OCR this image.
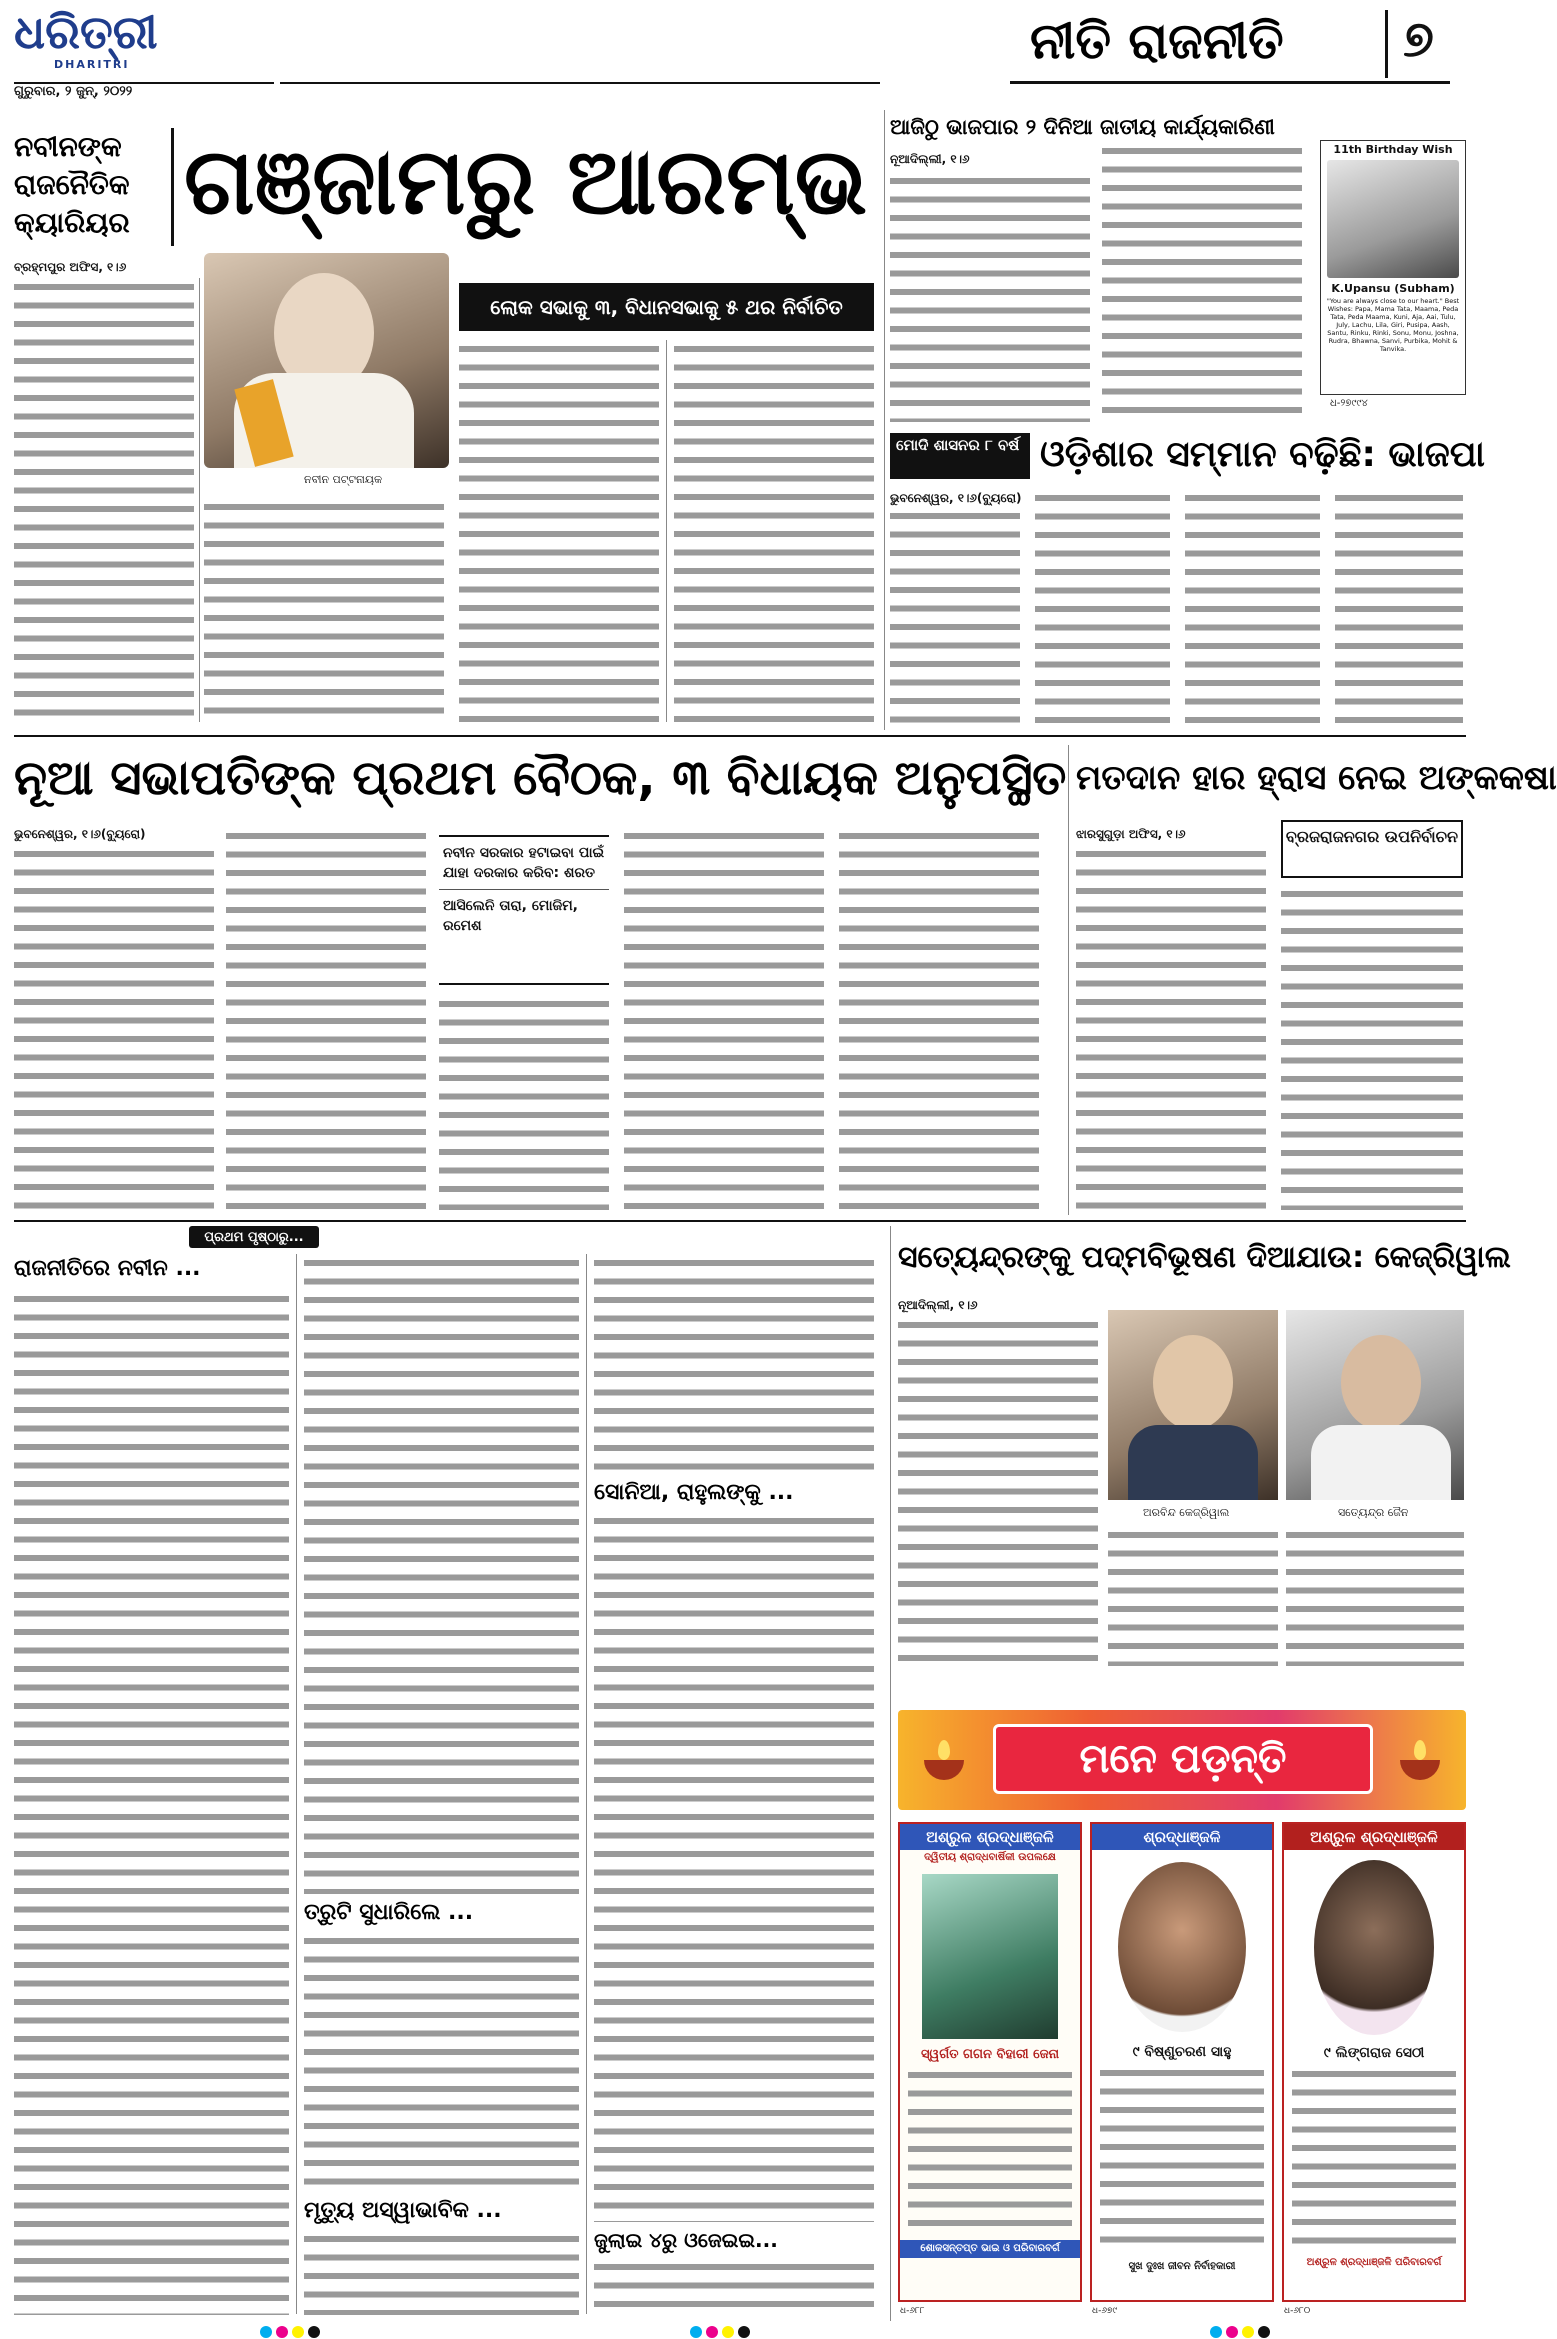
ଧରିତ୍ରୀ
DHARITRI
ଗୁରୁବାର, ୨ ଜୁନ୍, ୨୦୨୨
ନୀତି ରାଜନୀତି	୭
ନବୀନଙ୍କ
ରାଜନୈତିକ
କ୍ୟାରିୟର ଗଞ୍ଜାମରୁ ଆରମ୍ଭ
ବ୍ରହ୍ମପୁର ଅଫିସ, ୧।୬
ନବୀନ ପଟ୍ଟନାୟକ
ଲୋକ ସଭାକୁ ୩, ବିଧାନସଭାକୁ ୫ ଥର ନିର୍ବାଚିତ
ଆଜିଠୁ ଭାଜପାର ୨ ଦିନିଆ ଜାତୀୟ କାର୍ଯ୍ୟକାରିଣୀ
ନୂଆଦିଲ୍ଲୀ, ୧।୬
11th Birthday Wish
K.Upansu (Subham)
"You are always close to our heart." Best Wishes: Papa, Mama Tata, Maama, Peda Tata, Peda Maama, Kuni, Aja, Aai, Tulu, July, Lachu, Lila, Giri, Pusipa, Aash, Santu, Rinku, Rinki, Sonu, Monu, Joshna, Rudra, Bhawna, Sanvi, Purbika, Mohit & Tanvika.
ଧ-୨୭୯୯୪
ମୋଦି ଶାସନର ୮ ବର୍ଷ ଓଡ଼ିଶାର ସମ୍ମାନ ବଢ଼ିଛି: ଭାଜପା
ଭୁବନେଶ୍ୱର, ୧।୬(ବ୍ୟୁରୋ)
ନୂଆ ସଭାପତିଙ୍କ ପ୍ରଥମ ବୈଠକ, ୩ ବିଧାୟକ ଅନୁପସ୍ଥିତ
ଭୁବନେଶ୍ୱର, ୧।୬(ବ୍ୟୁରୋ)
ନବୀନ ସରକାର ହଟାଇବା ପାଇଁ ଯାହା ଦରକାର କରିବ: ଶରତ
ଆସିଲେନି ତାରା, ମୋଜିମ, ରମେଶ
ମତଦାନ ହାର ହ୍ରାସ ନେଇ ଅଙ୍କକଷା
ଝାରସୁଗୁଡ଼ା ଅଫିସ, ୧।୬	ବ୍ରଜରାଜନଗର ଉପନିର୍ବାଚନ
ପ୍ରଥମ ପୃଷ୍ଠାରୁ...
ରାଜନୀତିରେ ନବୀନ ...
ତ୍ରୁଟି ସୁଧାରିଲେ ...
ମୃତ୍ୟୁ ଅସ୍ୱାଭାବିକ ...
ସୋନିଆ, ରାହୁଲଙ୍କୁ ...
ଜୁଲାଇ ୪ରୁ ଓଜେଇଇ...
ସତ୍ୟେନ୍ଦ୍ରଙ୍କୁ ପଦ୍ମବିଭୂଷଣ ଦିଆଯାଉ: କେଜ୍ରିୱାଲ
ନୂଆଦିଲ୍ଲୀ, ୧।୬
ଅରବିନ୍ଦ କେଜ୍ରିୱାଲ	ସତ୍ୟେନ୍ଦ୍ର ଜୈନ
ମନେ ପଡ଼ନ୍ତି
ଅଶ୍ରୁଳ ଶ୍ରଦ୍ଧାଞ୍ଜଳି
ଦ୍ୱିତୀୟ ଶ୍ରାଦ୍ଧବାର୍ଷିକୀ ଉପଲକ୍ଷେ
ସ୍ୱର୍ଗତ ଗଗନ ବିହାରୀ ଜେନା
ଶୋକସନ୍ତପ୍ତ ଭାଇ ଓ ପରିବାରବର୍ଗ
ଧ-୬୮୮
ଶ୍ରଦ୍ଧାଞ୍ଜଳି
୯ ବିଷ୍ଣୁଚରଣ ସାହୁ
ସୁଖ ଦୁଃଖ ଜୀବନ ନିର୍ବାହକାରୀ
ଧ-୬୭୯
ଅଶ୍ରୁଳ ଶ୍ରଦ୍ଧାଞ୍ଜଳି
୯ ଲିଙ୍ଗରାଜ ସେଠୀ
ଅଶ୍ରୁଳ ଶ୍ରଦ୍ଧାଞ୍ଜଳି ପରିବାରବର୍ଗ
ଧ-୬୮୦
